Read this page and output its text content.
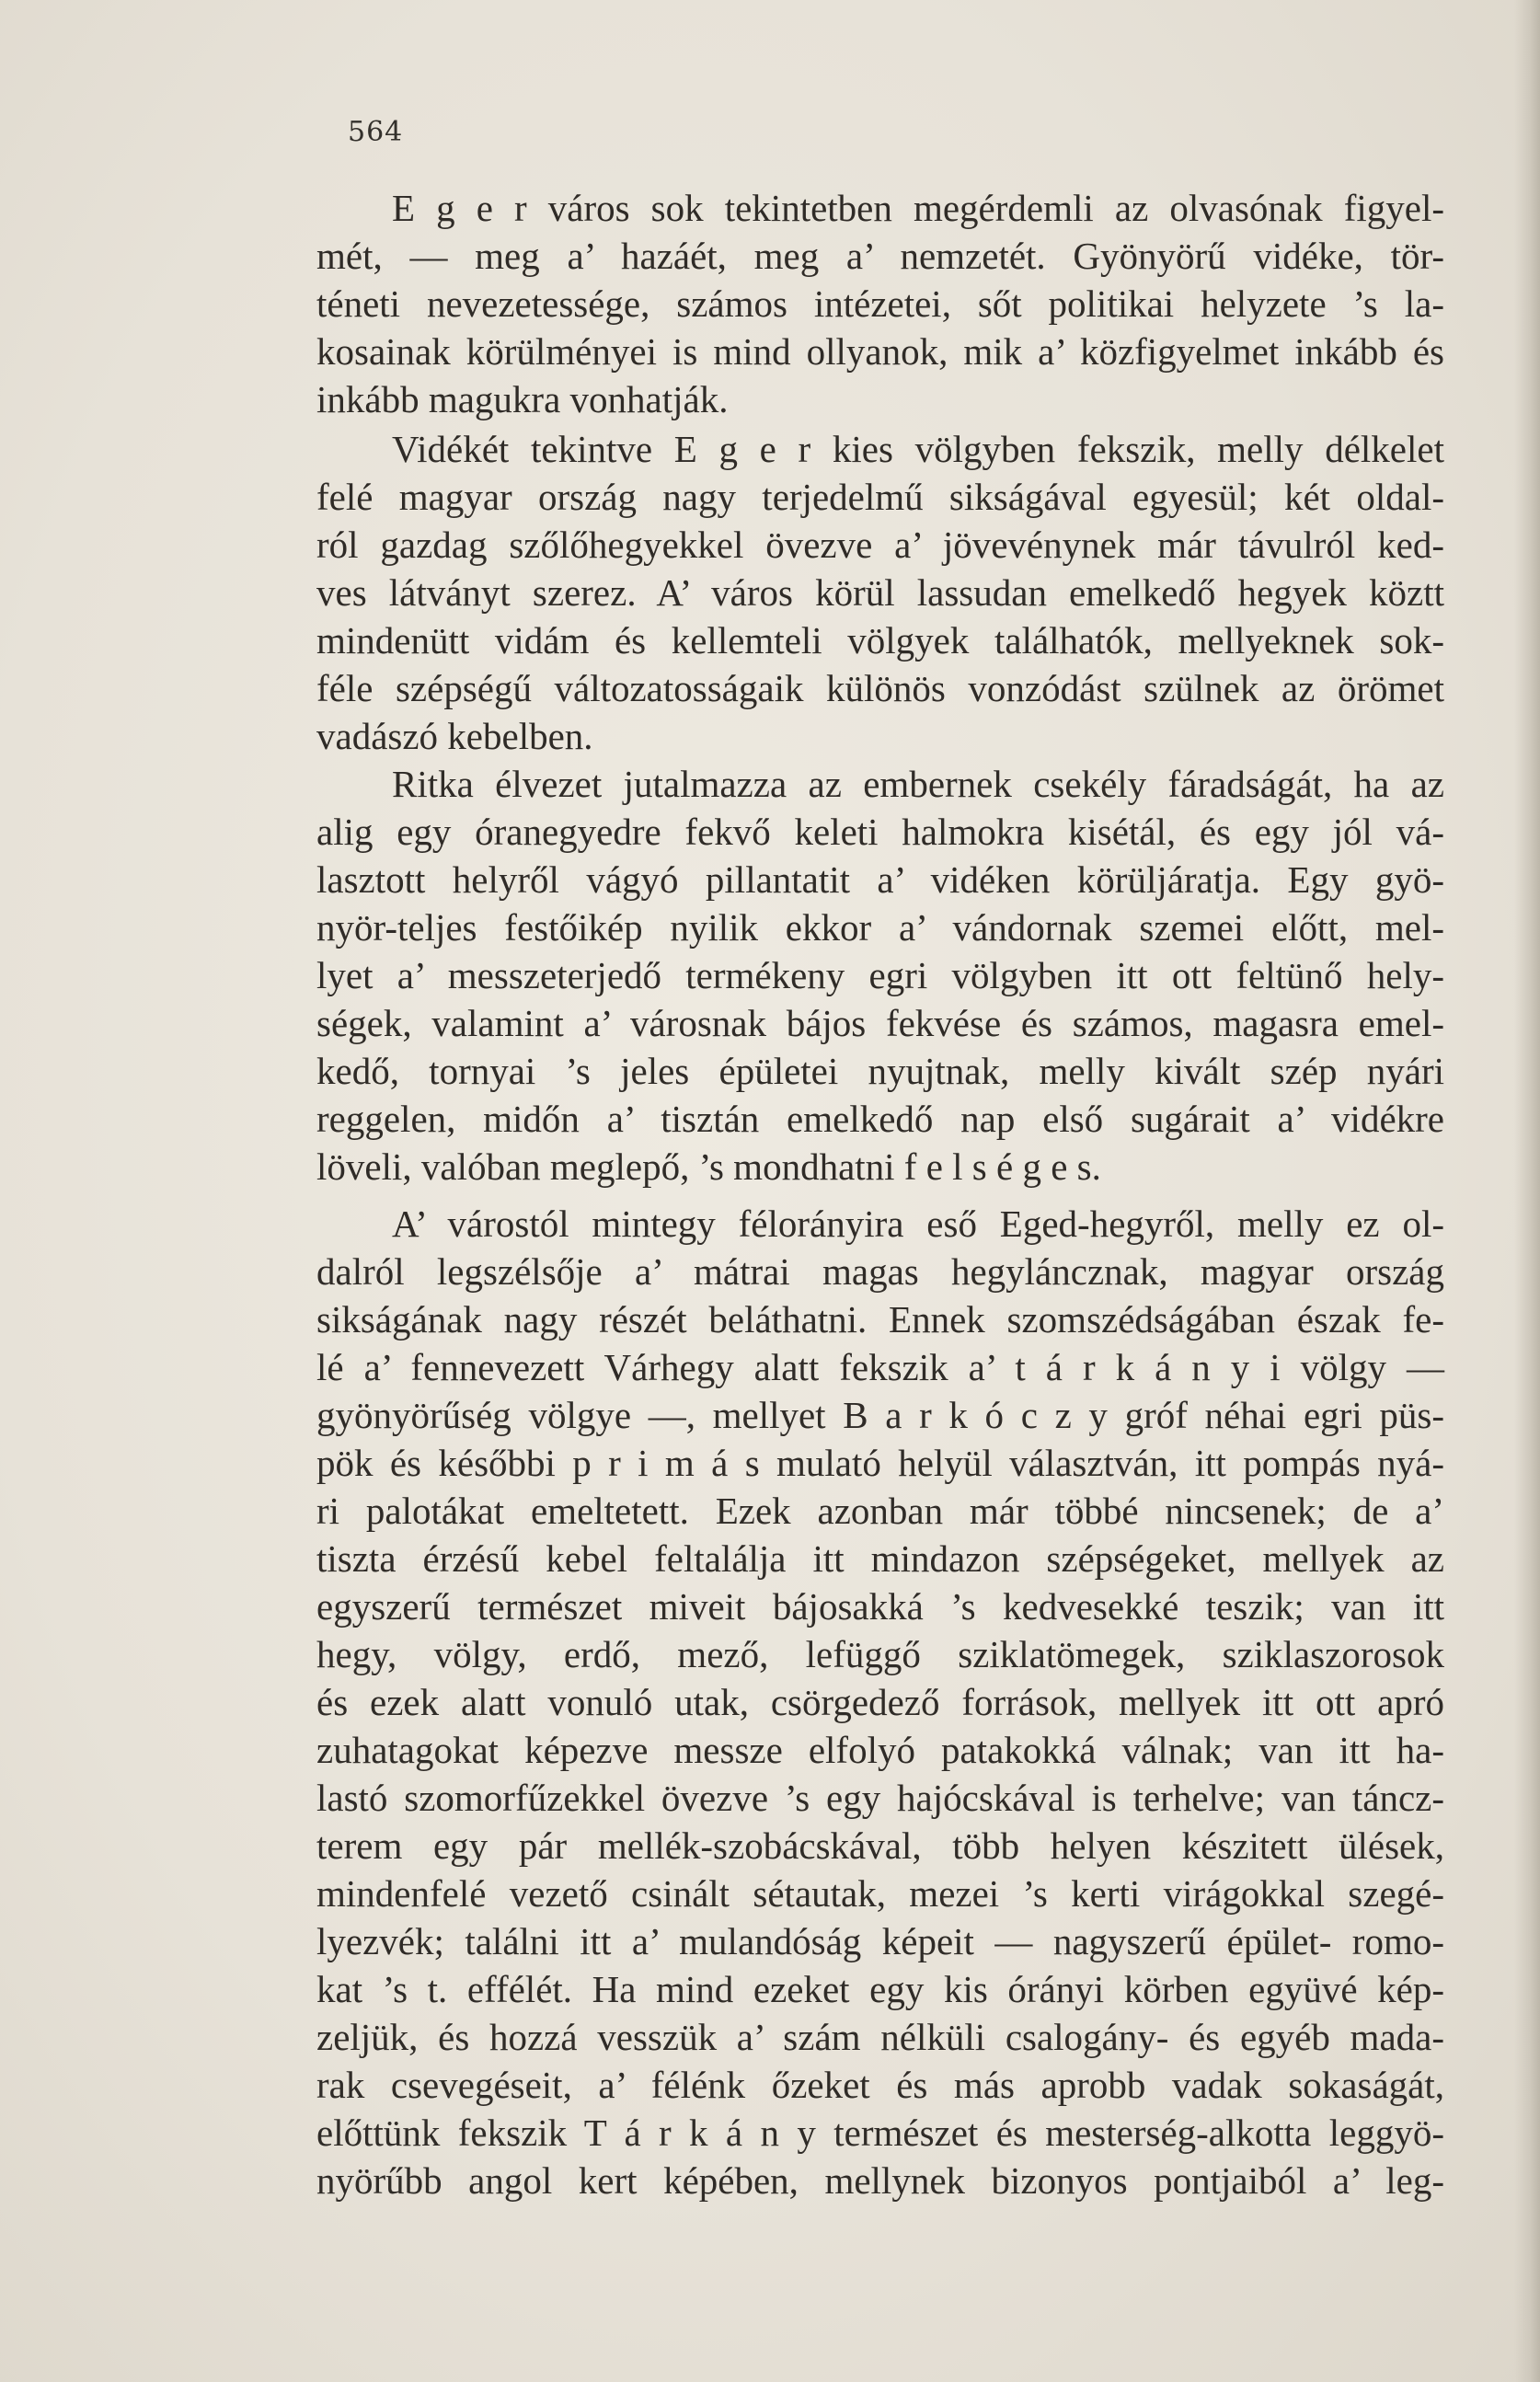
564
E g e r város sok tekintetben megérdemli az olvasónak figyel-
mét, — meg a’ hazáét, meg a’ nemzetét. Gyönyörű vidéke, tör-
téneti nevezetessége, számos intézetei, sőt politikai helyzete ’s la-
kosainak körülményei is mind ollyanok, mik a’ közfigyelmet inkább és
inkább magukra vonhatják.
Vidékét tekintve E g e r kies völgyben fekszik, melly délkelet
felé magyar ország nagy terjedelmű sikságával egyesül; két oldal-
ról gazdag szőlőhegyekkel övezve a’ jövevénynek már távulról ked-
ves látványt szerez. A’ város körül lassudan emelkedő hegyek köztt
mindenütt vidám és kellemteli völgyek találhatók, mellyeknek sok-
féle szépségű változatosságaik különös vonzódást szülnek az örömet
vadászó kebelben.
Ritka élvezet jutalmazza az embernek csekély fáradságát, ha az
alig egy óranegyedre fekvő keleti halmokra kisétál, és egy jól vá-
lasztott helyről vágyó pillantatit a’ vidéken körüljáratja. Egy gyö-
nyör-teljes festőikép nyilik ekkor a’ vándornak szemei előtt, mel-
lyet a’ messzeterjedő termékeny egri völgyben itt ott feltünő hely-
ségek, valamint a’ városnak bájos fekvése és számos, magasra emel-
kedő, tornyai ’s jeles épületei nyujtnak, melly kivált szép nyári
reggelen, midőn a’ tisztán emelkedő nap első sugárait a’ vidékre
löveli, valóban meglepő, ’s mondhatni f e l s é g e s.
A’ várostól mintegy félorányira eső Eged-hegyről, melly ez ol-
dalról legszélsője a’ mátrai magas hegyláncznak, magyar ország
sikságának nagy részét beláthatni. Ennek szomszédságában észak fe-
lé a’ fennevezett Várhegy alatt fekszik a’ t á r k á n y i völgy —
gyönyörűség völgye —, mellyet B a r k ó c z y gróf néhai egri püs-
pök és későbbi p r i m á s mulató helyül választván, itt pompás nyá-
ri palotákat emeltetett. Ezek azonban már többé nincsenek; de a’
tiszta érzésű kebel feltalálja itt mindazon szépségeket, mellyek az
egyszerű természet miveit bájosakká ’s kedvesekké teszik; van itt
hegy, völgy, erdő, mező, lefüggő sziklatömegek, sziklaszorosok
és ezek alatt vonuló utak, csörgedező források, mellyek itt ott apró
zuhatagokat képezve messze elfolyó patakokká válnak; van itt ha-
lastó szomorfűzekkel övezve ’s egy hajócskával is terhelve; van táncz-
terem egy pár mellék-szobácskával, több helyen készitett ülések,
mindenfelé vezető csinált sétautak, mezei ’s kerti virágokkal szegé-
lyezvék; találni itt a’ mulandóság képeit — nagyszerű épület- romo-
kat ’s t. effélét. Ha mind ezeket egy kis órányi körben együvé kép-
zeljük, és hozzá vesszük a’ szám nélküli csalogány- és egyéb mada-
rak csevegéseit, a’ félénk őzeket és más aprobb vadak sokaságát,
előttünk fekszik T á r k á n y természet és mesterség-alkotta leggyö-
nyörűbb angol kert képében, mellynek bizonyos pontjaiból a’ leg-
